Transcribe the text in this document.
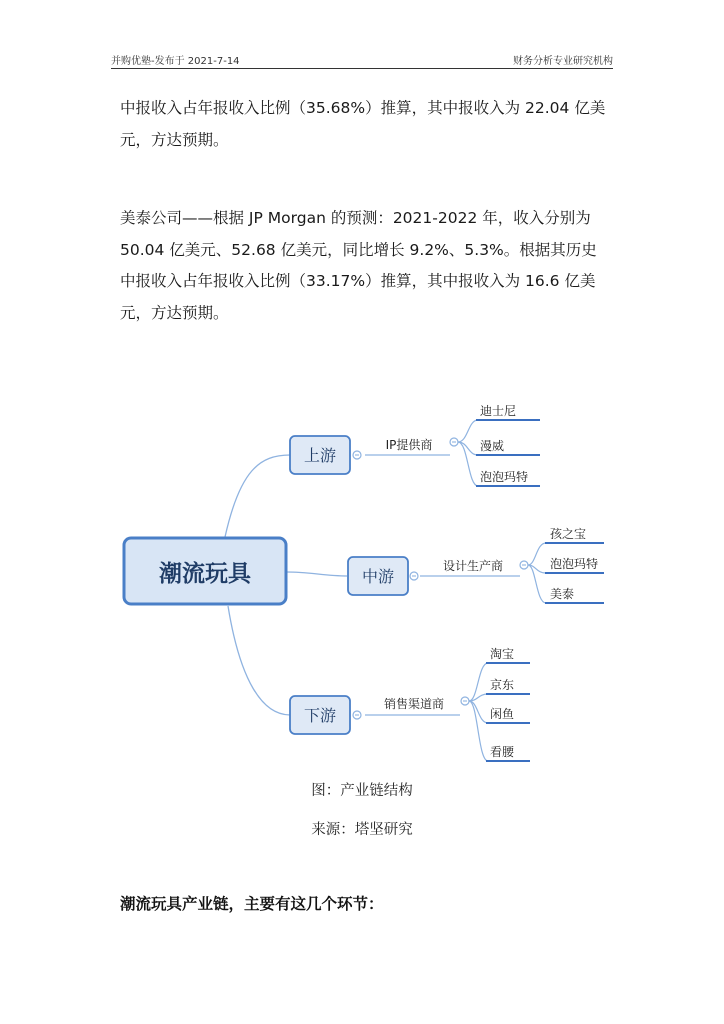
并购优塾-发布于 2021-7-14	财务分析专业研究机构
中报收入占年报收入比例（35.68%）推算，其中报收入为 22.04 亿美元，方达预期。
美泰公司——根据 JP Morgan 的预测：2021-2022 年，收入分别为 50.04 亿美元、52.68 亿美元，同比增长 9.2%、5.3%。根据其历史中报收入占年报收入比例（33.17%）推算，其中报收入为 16.6 亿美元，方达预期。
潮流玩具
上游
中游
下游
IP提供商
设计生产商
销售渠道商
迪士尼
漫威
泡泡玛特
孩之宝
泡泡玛特
美泰
淘宝
京东
闲鱼
看腰
图：产业链结构
来源：塔坚研究
潮流玩具产业链，主要有这几个环节：
